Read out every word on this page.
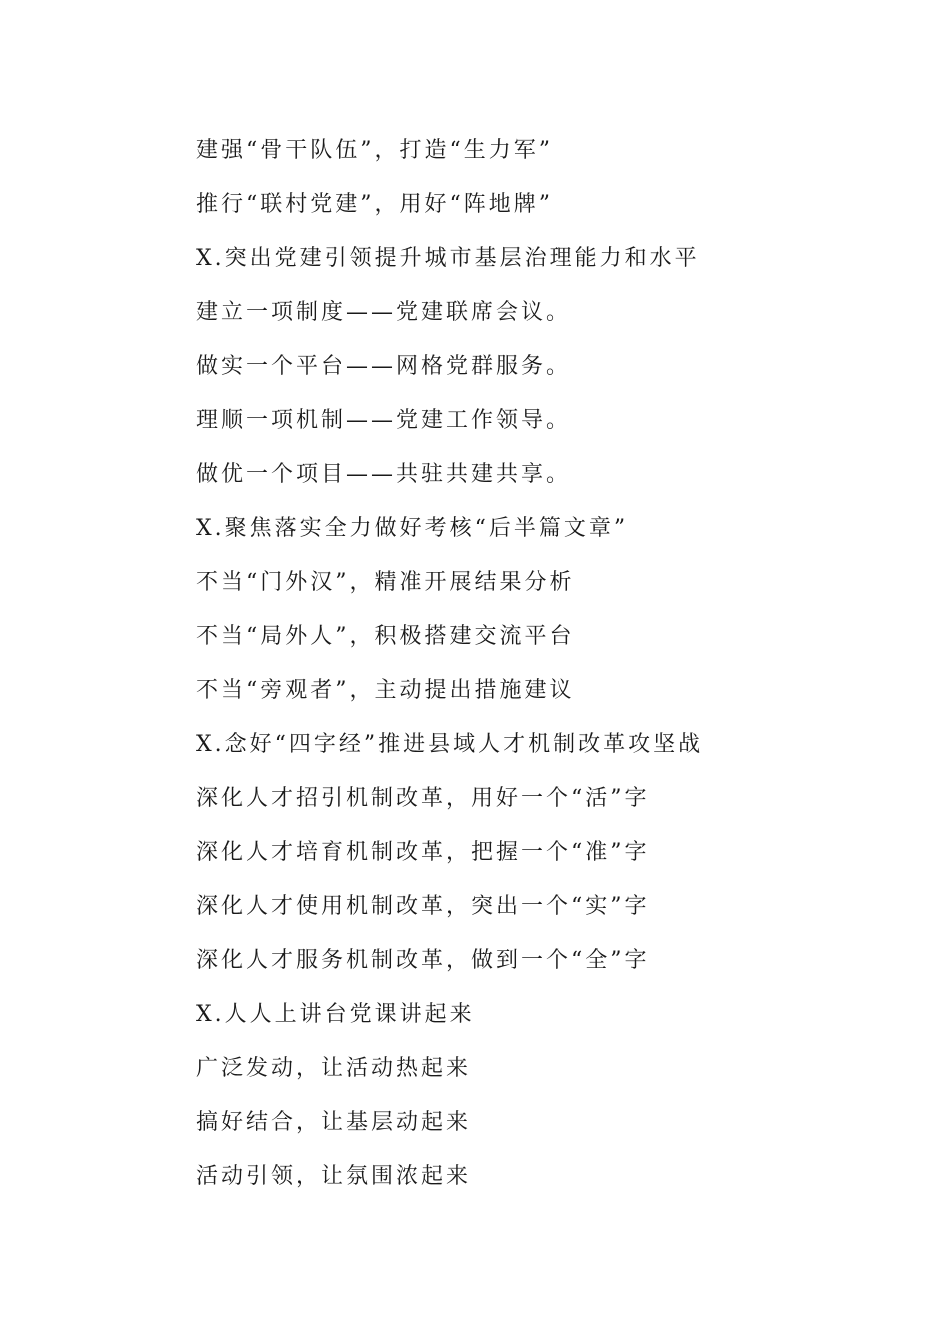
建强“骨干队伍”，打造“生力军”
推行“联村党建”，用好“阵地牌”
X.突出党建引领提升城市基层治理能力和水平
建立一项制度——党建联席会议。
做实一个平台——网格党群服务。
理顺一项机制——党建工作领导。
做优一个项目——共驻共建共享。
X.聚焦落实全力做好考核“后半篇文章”
不当“门外汉”，精准开展结果分析
不当“局外人”，积极搭建交流平台
不当“旁观者”，主动提出措施建议
X.念好“四字经”推进县域人才机制改革攻坚战
深化人才招引机制改革，用好一个“活”字
深化人才培育机制改革，把握一个“准”字
深化人才使用机制改革，突出一个“实”字
深化人才服务机制改革，做到一个“全”字
X.人人上讲台党课讲起来
广泛发动，让活动热起来
搞好结合，让基层动起来
活动引领，让氛围浓起来
